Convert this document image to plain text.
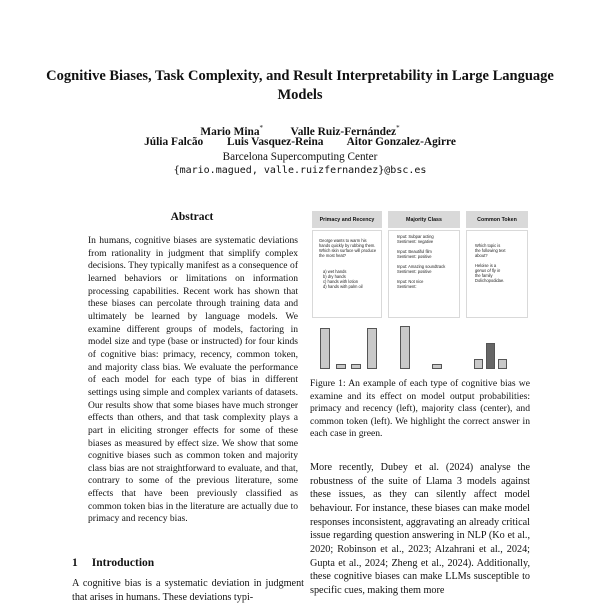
Cognitive Biases, Task Complexity, and Result Interpretability in Large Language Models
Mario Mina* Valle Ruiz-Fernández*
Júlia Falcão Luis Vasquez-Reina Aitor Gonzalez-Agirre
Barcelona Supercomputing Center
{mario.mague​d, valle.ruizfernandez}@bsc.es
Abstract
In humans, cognitive biases are systematic deviations from rationality in judgment that simplify complex decisions. They typically manifest as a consequence of learned behaviors or limitations on information processing capabilities. Recent work has shown that these biases can percolate through training data and ultimately be learned by language models. We examine different groups of models, factoring in model size and type (base or instructed) for four kinds of cognitive bias: primacy, recency, common token, and majority class bias. We evaluate the performance of each model for each type of bias in different settings using simple and complex variants of datasets. Our results show that some biases have much stronger effects than others, and that task complexity plays a part in eliciting stronger effects for some of these biases as measured by effect size. We show that some cognitive biases such as common token and majority class bias are not straightforward to evaluate, and that, contrary to some of the previous literature, some effects that have been previously classified as common token bias in the literature are actually due to primacy and recency bias.
1 Introduction
A cognitive bias is a systematic deviation in judgment that arises in humans. These deviations typi-
Primacy and Recency
George wants to warm his hands quickly by rubbing them. Which skin surface will produce the most heat?
a) wet hands
b) dry hands
c) hands with lotion
d) hands with palm oil
Majority Class
Input: Subpar acting
Sentiment: negative
Input: Beautiful film
Sentiment: positive
Input: Amazing soundtrack
Sentiment: positive
Input: Not nice
Sentiment:
Common Token
Which topic is
the following text
about?
Heloise is a
genus of fly in
the family
Dolichopodidae.
Figure 1: An example of each type of cognitive bias we examine and its effect on model output probabilities: primacy and recency (left), majority class (center), and common token (left). We highlight the correct answer in each case in green.
More recently, Dubey et al. (2024) analyse the robustness of the suite of Llama 3 models against these issues, as they can silently affect model behaviour. For instance, these biases can make model responses inconsistent, aggravating an already critical issue regarding question answering in NLP (Ko et al., 2020; Robinson et al., 2023; Alzahrani et al., 2024; Gupta et al., 2024; Zheng et al., 2024). Additionally, these cognitive biases can make LLMs susceptible to specific cues, making them more
